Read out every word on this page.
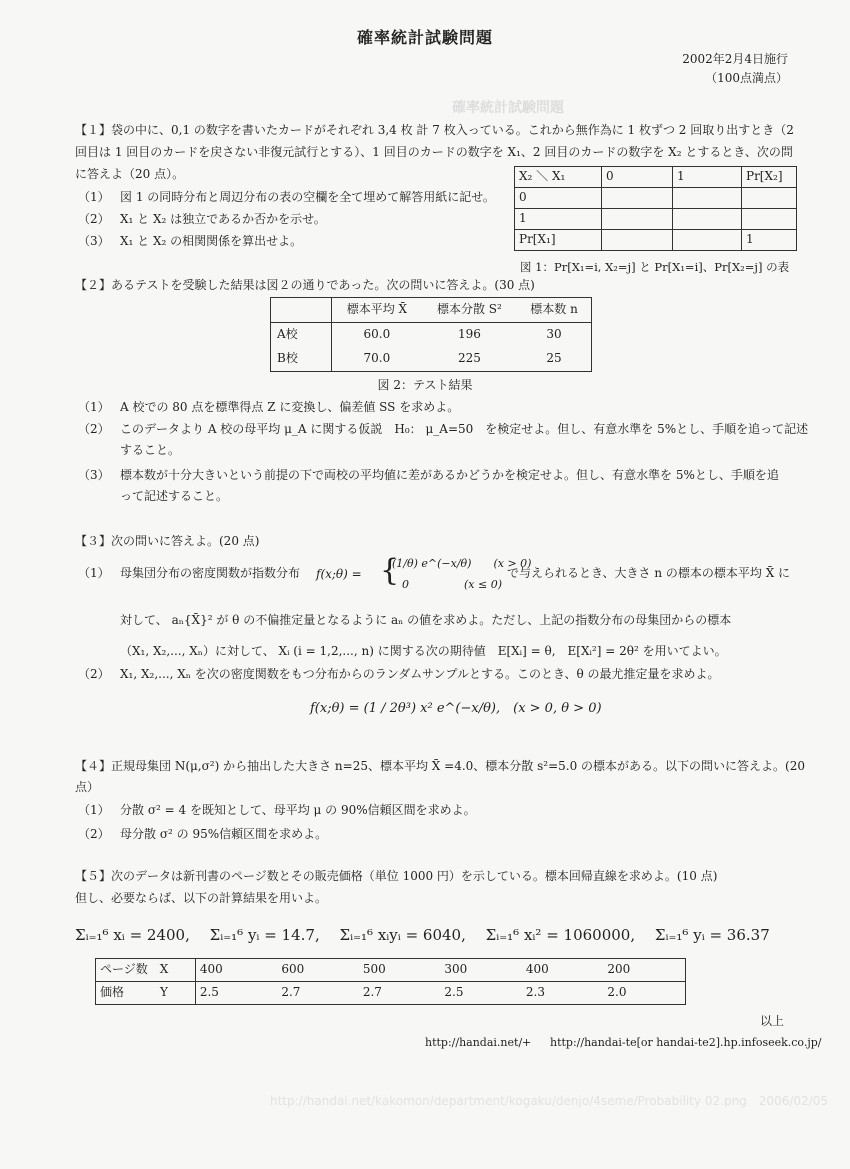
確率統計試験問題
2002年2月4日施行
（100点満点）
確率統計試験問題

【１】袋の中に、0,1 の数字を書いたカードがそれぞれ 3,4 枚 計 7 枚入っている。これから無作為に 1 枚ずつ 2 回取り出すとき（2

回目は 1 回目のカードを戻さない非復元試行とする）、1 回目のカードの数字を X₁、2 回目のカードの数字を X₂ とするとき、次の問

に答えよ（20 点）。

（1） 図 1 の同時分布と周辺分布の表の空欄を全て埋めて解答用紙に記せ。
（2） X₁ と X₂ は独立であるか否かを示せ。
（3） X₁ と X₂ の相関関係を算出せよ。
X₂ ＼ X₁	0	1	Pr[X₂]
0			
1			
Pr[X₁]			1
図 1：Pr[X₁=i, X₂=j] と Pr[X₁=i]、Pr[X₂=j] の表

【２】あるテストを受験した結果は図２の通りであった。次の問いに答えよ。(30 点)

	標本平均 X̄	標本分散 S²	標本数 n
A校	60.0	196	30
B校	70.0	225	25
図 2：テスト結果
（1） A 校での 80 点を標準得点 Z に変換し、偏差値 SS を求めよ。
（2） このデータより A 校の母平均 μ_A に関する仮説　H₀： μ_A=50　を検定せよ。但し、有意水準を 5%とし、手順を追って記述
すること。
（3） 標本数が十分大きいという前提の下で両校の平均値に差があるかどうかを検定せよ。但し、有意水準を 5%とし、手順を追
って記述すること。

【３】次の問いに答えよ。(20 点)

（1） 母集団分布の密度関数が指数分布 f(x;θ) = {
(1/θ) e^(−x/θ)　　(x > 0)
0　　　　　(x ≤ 0)
で与えられるとき、大きさ n の標本の標本平均 X̄ に
対して、 aₙ{X̄}² が θ の不偏推定量となるように aₙ の値を求めよ。ただし、上記の指数分布の母集団からの標本
（X₁, X₂,..., Xₙ）に対して、 Xᵢ (i = 1,2,..., n) に関する次の期待値　E[Xᵢ] = θ,　E[Xᵢ²] = 2θ² を用いてよい。
（2） X₁, X₂,..., Xₙ を次の密度関数をもつ分布からのランダムサンプルとする。このとき、θ の最尤推定量を求めよ。
f(x;θ) = (1 / 2θ³) x² e^(−x/θ),　(x > 0, θ > 0)

【４】正規母集団 N(μ,σ²) から抽出した大きさ n=25、標本平均 X̄ =4.0、標本分散 s²=5.0 の標本がある。以下の問いに答えよ。(20

点）

（1） 分散 σ² = 4 を既知として、母平均 μ の 90%信頼区間を求めよ。
（2） 母分散 σ² の 95%信頼区間を求めよ。

【５】次のデータは新刊書のページ数とその販売価格（単位 1000 円）を示している。標本回帰直線を求めよ。(10 点)

但し、必要ならば、以下の計算結果を用いよ。

Σᵢ₌₁⁶ xᵢ = 2400,　 Σᵢ₌₁⁶ yᵢ = 14.7,　 Σᵢ₌₁⁶ xᵢyᵢ = 6040,　 Σᵢ₌₁⁶ xᵢ² = 1060000,　 Σᵢ₌₁⁶ yᵢ = 36.37
ページ数　X	400	600	500	300	400	200
価格　　　Y	2.5	2.7	2.7	2.5	2.3	2.0
以上
http://handai.net/ + http://handai-te[or handai-te2].hp.infoseek.co.jp/
http://handai.net/kakomon/department/kogaku/denjo/4seme/Probability 02.png　2006/02/05
